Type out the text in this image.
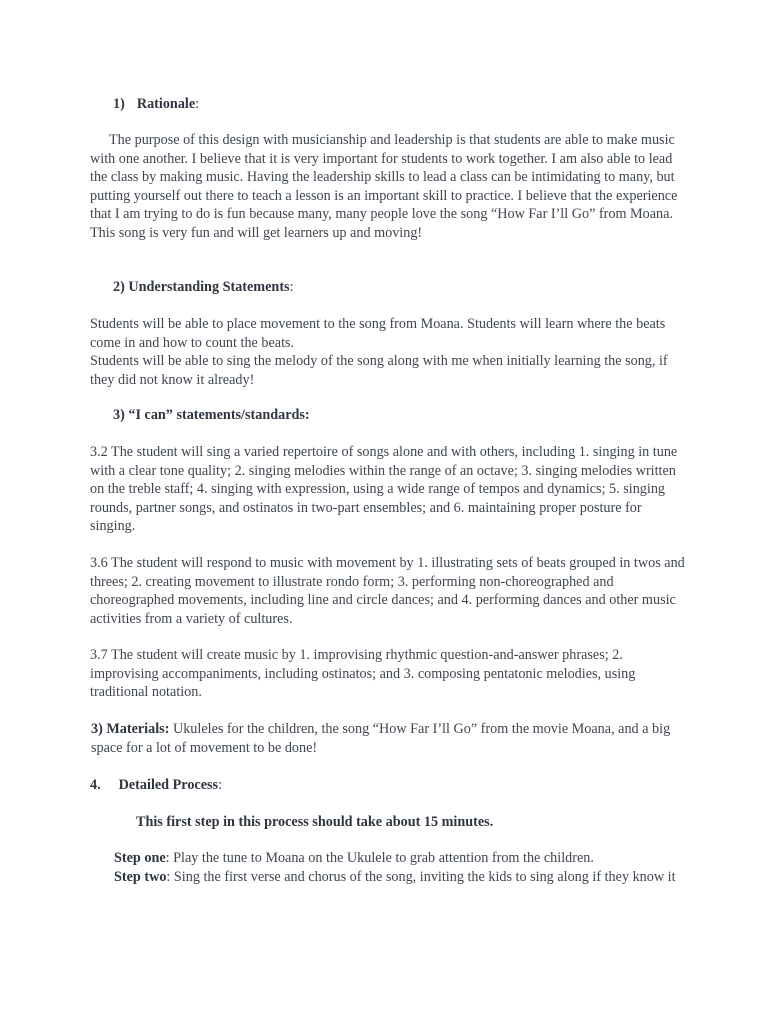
1) Rationale:

The purpose of this design with musicianship and leadership is that students are able to make music with one another. I believe that it is very important for students to work together. I am also able to lead the class by making music. Having the leadership skills to lead a class can be intimidating to many, but putting yourself out there to teach a lesson is an important skill to practice. I believe that the experience that I am trying to do is fun because many, many people love the song “How Far I’ll Go” from Moana. This song is very fun and will get learners up and moving!

2) Understanding Statements:

Students will be able to place movement to the song from Moana. Students will learn where the beats come in and how to count the beats.

Students will be able to sing the melody of the song along with me when initially learning the song, if they did not know it already!

3) “I can” statements/standards:

3.2 The student will sing a varied repertoire of songs alone and with others, including 1. singing in tune with a clear tone quality; 2. singing melodies within the range of an octave; 3. singing melodies written on the treble staff; 4. singing with expression, using a wide range of tempos and dynamics; 5. singing rounds, partner songs, and ostinatos in two-part ensembles; and 6. maintaining proper posture for singing.

3.6 The student will respond to music with movement by 1. illustrating sets of beats grouped in twos and threes; 2. creating movement to illustrate rondo form; 3. performing non-choreographed and choreographed movements, including line and circle dances; and 4. performing dances and other music activities from a variety of cultures.

3.7 The student will create music by 1. improvising rhythmic question-and-answer phrases; 2. improvising accompaniments, including ostinatos; and 3. composing pentatonic melodies, using traditional notation.

3) Materials: Ukuleles for the children, the song “How Far I’ll Go” from the movie Moana, and a big space for a lot of movement to be done!

4. Detailed Process:
This first step in this process should take about 15 minutes.

Step one: Play the tune to Moana on the Ukulele to grab attention from the children.

Step two: Sing the first verse and chorus of the song, inviting the kids to sing along if they know it
